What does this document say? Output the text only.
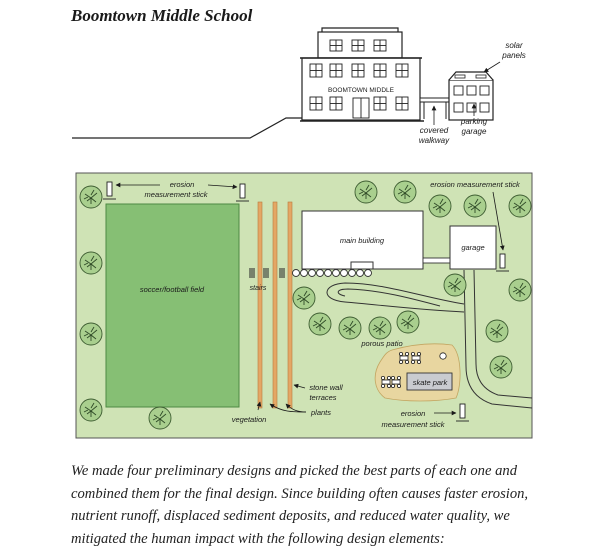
Boomtown Middle School
BOOMTOWN MIDDLE
solar
panels
covered
walkway
parking
garage
soccer/football field	stairs
main building
garage
skate park
porous patio
erosion
measurement stick
erosion measurement stick
erosion
measurement stick
stone wall
terraces
plants
vegetation
We made four preliminary designs and picked the best parts of each one and
combined them for the final design. Since building often causes faster erosion,
nutrient runoff, displaced sediment deposits, and reduced water quality, we
mitigated the human impact with the following design elements:
